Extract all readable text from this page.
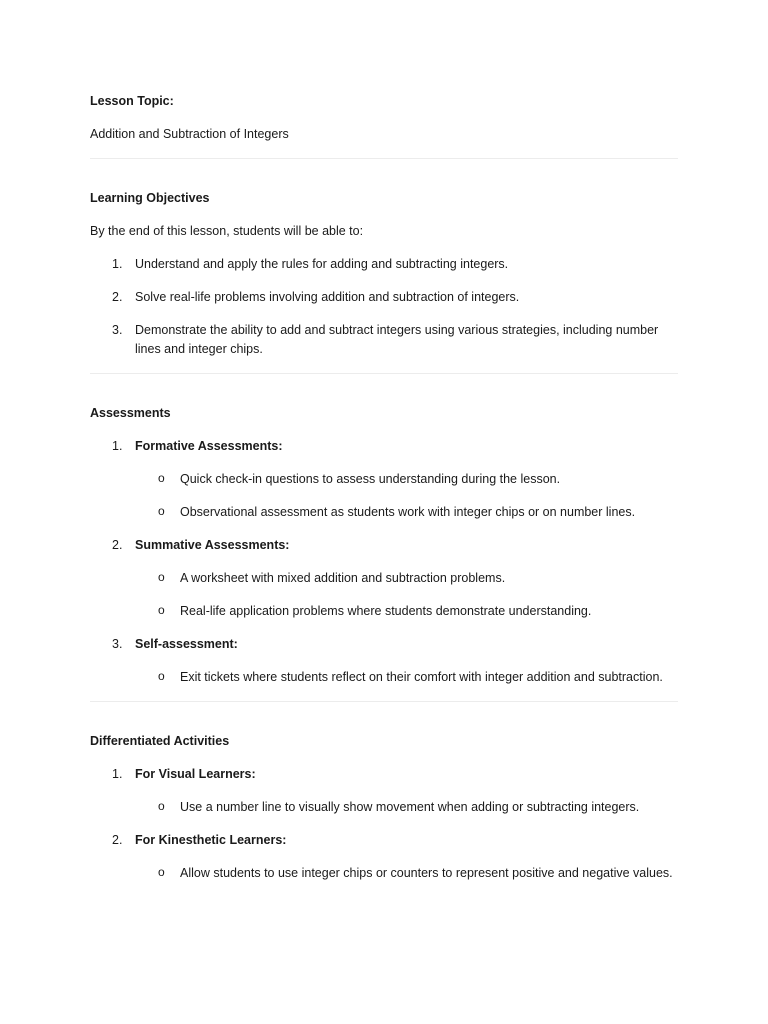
Lesson Topic:

Addition and Subtraction of Integers

Learning Objectives

By the end of this lesson, students will be able to:

1.	Understand and apply the rules for adding and subtracting integers.
2.	Solve real-life problems involving addition and subtraction of integers.
3.	Demonstrate the ability to add and subtract integers using various strategies, including number lines and integer chips.

Assessments

1.	Formative Assessments:
o Quick check-in questions to assess understanding during the lesson.
o Observational assessment as students work with integer chips or on number lines.
2.	Summative Assessments:
o A worksheet with mixed addition and subtraction problems.
o Real-life application problems where students demonstrate understanding.
3.	Self-assessment:
o Exit tickets where students reflect on their comfort with integer addition and subtraction.

Differentiated Activities

1.	For Visual Learners:
o Use a number line to visually show movement when adding or subtracting integers.
2.	For Kinesthetic Learners:
o Allow students to use integer chips or counters to represent positive and negative values.
